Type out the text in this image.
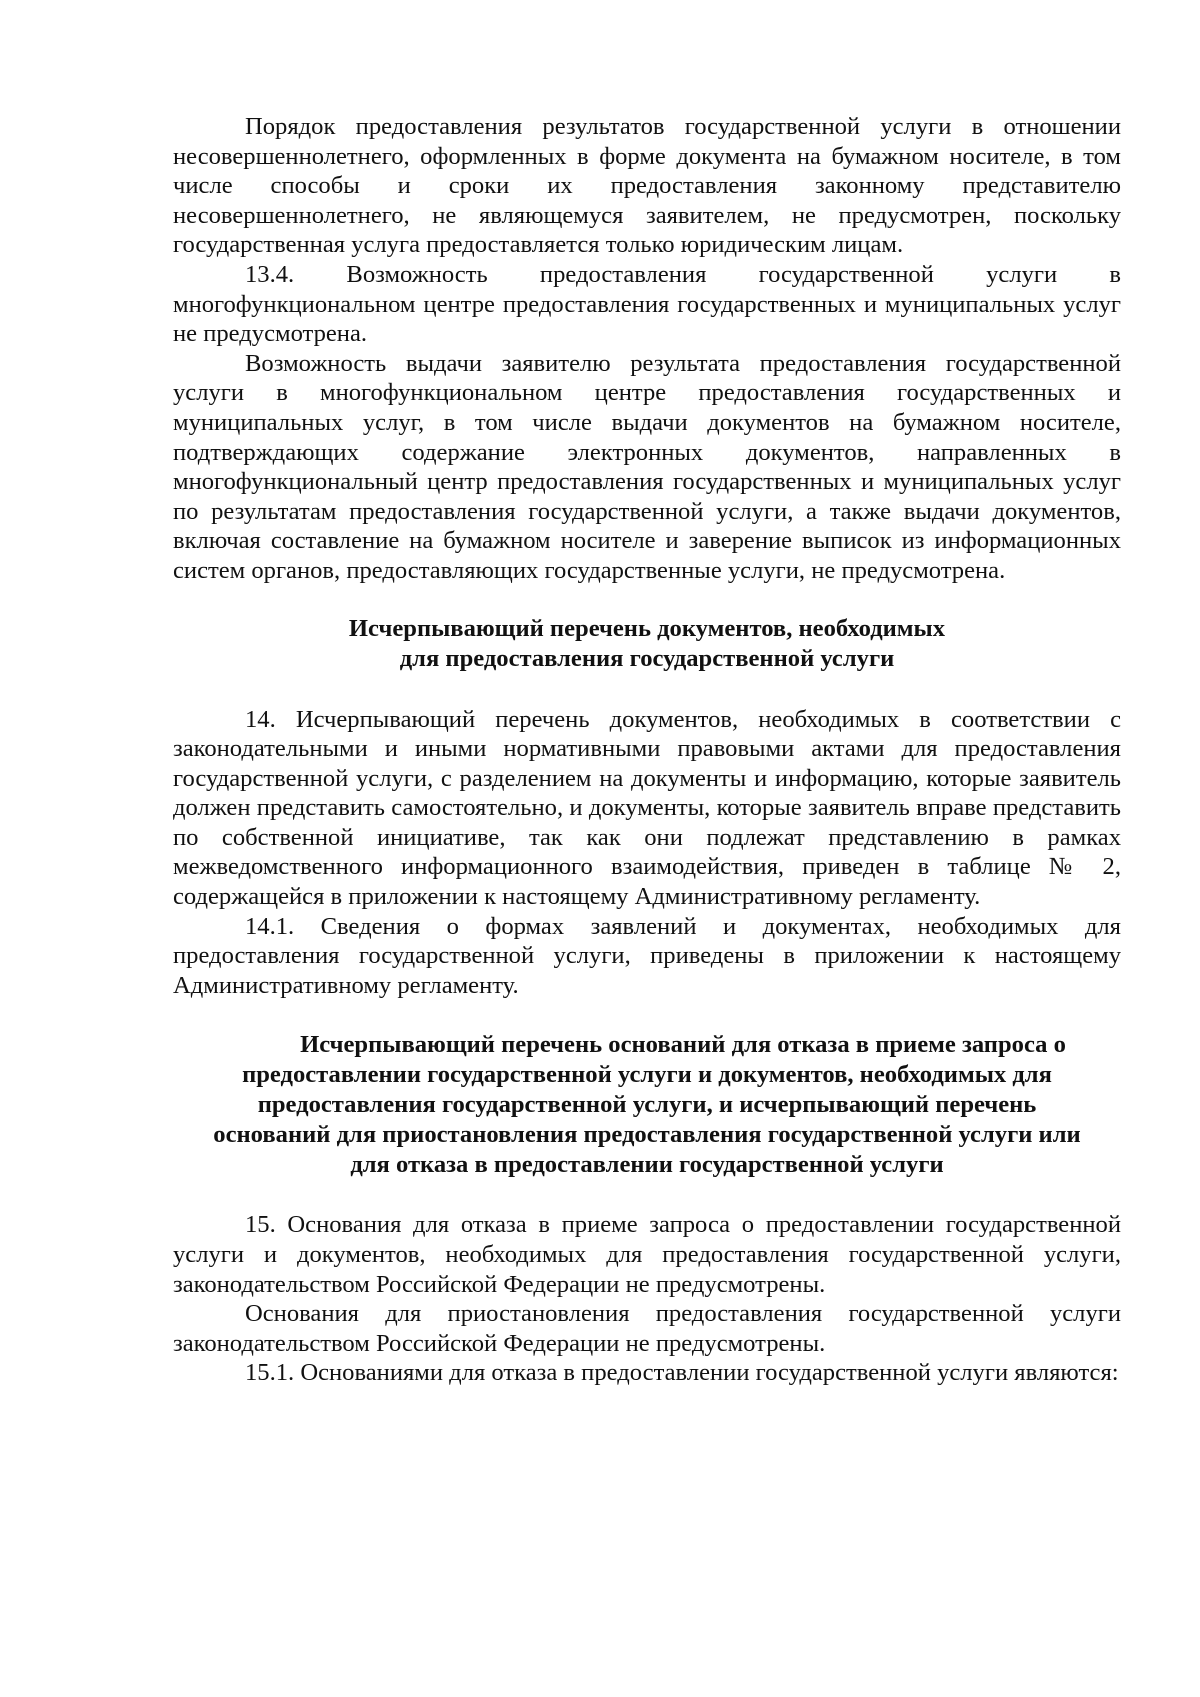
Порядок предоставления результатов государственной услуги в отношении несовершеннолетнего, оформленных в форме документа на бумажном носителе, в том числе способы и сроки их предоставления законному представителю несовершеннолетнего, не являющемуся заявителем, не предусмотрен, поскольку государственная услуга предоставляется только юридическим лицам.

13.4. Возможность предоставления государственной услуги в многофункциональном центре предоставления государственных и муниципальных услуг не предусмотрена.

Возможность выдачи заявителю результата предоставления государственной услуги в многофункциональном центре предоставления государственных и муниципальных услуг, в том числе выдачи документов на бумажном носителе, подтверждающих содержание электронных документов, направленных в многофункциональный центр предоставления государственных и муниципальных услуг по результатам предоставления государственной услуги, а также выдачи документов, включая составление на бумажном носителе и заверение выписок из информационных систем органов, предоставляющих государственные услуги, не предусмотрена.

Исчерпывающий перечень документов, необходимых
для предоставления государственной услуги

14. Исчерпывающий перечень документов, необходимых в соответствии с законодательными и иными нормативными правовыми актами для предоставления государственной услуги, с разделением на документы и информацию, которые заявитель должен представить самостоятельно, и документы, которые заявитель вправе представить по собственной инициативе, так как они подлежат представлению в рамках межведомственного информационного взаимодействия, приведен в таблице № 2, содержащейся в приложении к настоящему Административному регламенту.

14.1. Сведения о формах заявлений и документах, необходимых для предоставления государственной услуги, приведены в приложении к настоящему Административному регламенту.

Исчерпывающий перечень оснований для отказа в приеме запроса о
предоставлении государственной услуги и документов, необходимых для
предоставления государственной услуги, и исчерпывающий перечень
оснований для приостановления предоставления государственной услуги или
для отказа в предоставлении государственной услуги

15. Основания для отказа в приеме запроса о предоставлении государственной услуги и документов, необходимых для предоставления государственной услуги, законодательством Российской Федерации не предусмотрены.

Основания для приостановления предоставления государственной услуги законодательством Российской Федерации не предусмотрены.

15.1. Основаниями для отказа в предоставлении государственной услуги являются:
